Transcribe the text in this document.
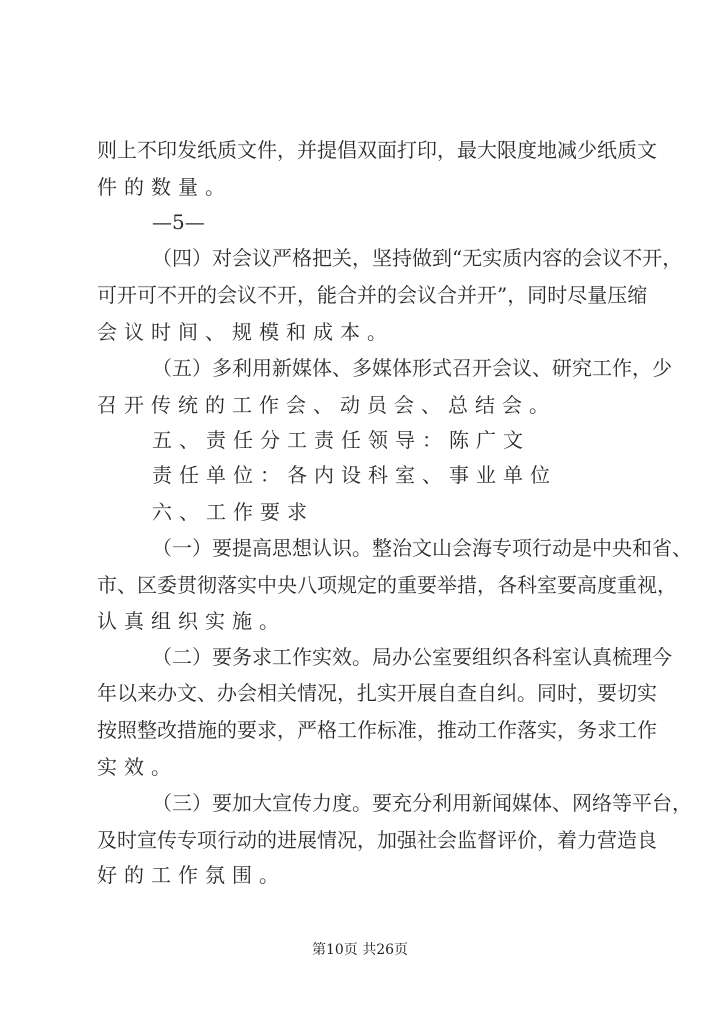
则上不印发纸质文件，并提倡双面打印，最大限度地减少纸质文
件的数量。
—5—
（四）对会议严格把关，坚持做到“无实质内容的会议不开，
可开可不开的会议不开，能合并的会议合并开”，同时尽量压缩
会议时间、规模和成本。
（五）多利用新媒体、多媒体形式召开会议、研究工作，少
召开传统的工作会、动员会、总结会。
五、责任分工责任领导：陈广文
责任单位：各内设科室、事业单位
六、工作要求
（一）要提高思想认识。整治文山会海专项行动是中央和省、
市、区委贯彻落实中央八项规定的重要举措，各科室要高度重视，
认真组织实施。
（二）要务求工作实效。局办公室要组织各科室认真梳理今
年以来办文、办会相关情况，扎实开展自查自纠。同时，要切实
按照整改措施的要求，严格工作标准，推动工作落实，务求工作
实效。
（三）要加大宣传力度。要充分利用新闻媒体、网络等平台，
及时宣传专项行动的进展情况，加强社会监督评价，着力营造良
好的工作氛围。
第10页 共26页
